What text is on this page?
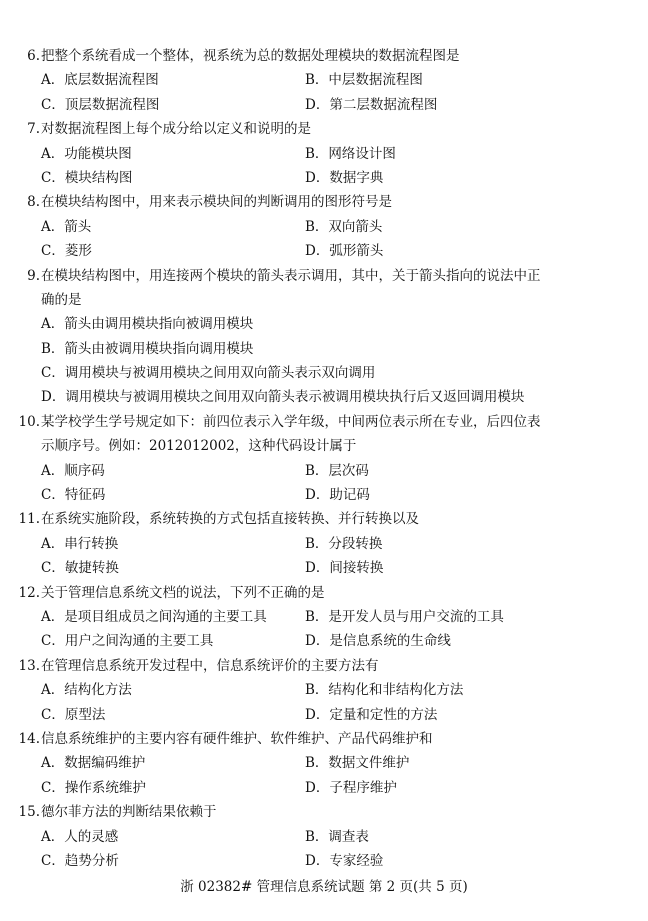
6. 把整个系统看成一个整体，视系统为总的数据处理模块的数据流程图是
A．底层数据流程图	B．中层数据流程图
C．顶层数据流程图	D．第二层数据流程图
7. 对数据流程图上每个成分给以定义和说明的是
A．功能模块图	B．网络设计图
C．模块结构图	D．数据字典
8. 在模块结构图中，用来表示模块间的判断调用的图形符号是
A．箭头	B．双向箭头
C．菱形	D．弧形箭头
9. 在模块结构图中，用连接两个模块的箭头表示调用，其中，关于箭头指向的说法中正
确的是
A．箭头由调用模块指向被调用模块
B．箭头由被调用模块指向调用模块
C．调用模块与被调用模块之间用双向箭头表示双向调用
D．调用模块与被调用模块之间用双向箭头表示被调用模块执行后又返回调用模块
10. 某学校学生学号规定如下：前四位表示入学年级，中间两位表示所在专业，后四位表
示顺序号。例如：2012012002，这种代码设计属于
A．顺序码	B．层次码
C．特征码	D．助记码
11. 在系统实施阶段，系统转换的方式包括直接转换、并行转换以及
A．串行转换	B．分段转换
C．敏捷转换	D．间接转换
12. 关于管理信息系统文档的说法，下列不正确的是
A．是项目组成员之间沟通的主要工具	B．是开发人员与用户交流的工具
C．用户之间沟通的主要工具	D．是信息系统的生命线
13. 在管理信息系统开发过程中，信息系统评价的主要方法有
A．结构化方法	B．结构化和非结构化方法
C．原型法	D．定量和定性的方法
14. 信息系统维护的主要内容有硬件维护、软件维护、产品代码维护和
A．数据编码维护	B．数据文件维护
C．操作系统维护	D．子程序维护
15. 德尔菲方法的判断结果依赖于
A．人的灵感	B．调查表
C．趋势分析	D．专家经验
浙 02382# 管理信息系统试题 第 2 页(共 5 页)
